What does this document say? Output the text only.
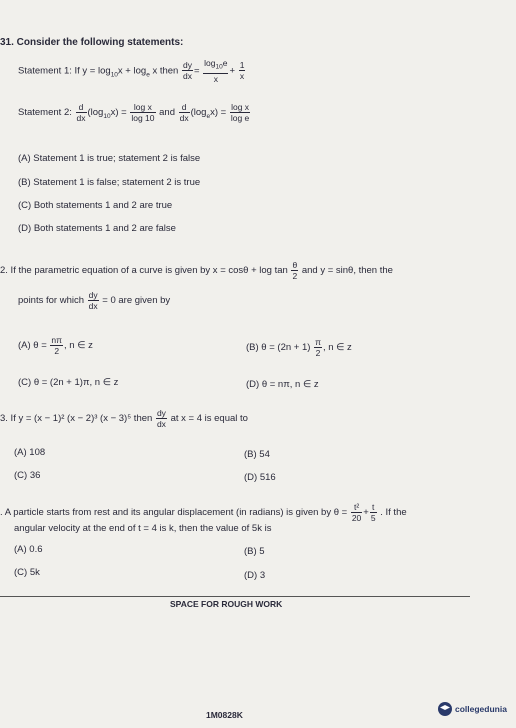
31. Consider the following statements:
Statement 1: If $y = \log_{10}x + \log_e x$ then $\frac{dy}{dx} = \frac{\log_{10}e}{x} + \frac{1}{x}$
Statement 2: $\frac{d}{dx} (\log_{10}x) = \frac{\text{log x}}{\log 10}$ and $\frac{d}{dx} (\log_ex) = \frac{\text{log x}}{\text{log e}}$
(A) Statement 1 is true; statement 2 is false
(B) Statement 1 is false; statement 2 is true
(C) Both statements 1 and 2 are true
(D) Both statements 1 and 2 are false
2. If the parametric equation of a curve is given by $x = \cos\theta + \log \tan \frac{\theta}{2}$ and y = sinθ, then the
points for which $\frac{dy}{dx} = 0$ are given by
(A) $\theta = \frac{n\pi}{2}$ , n ∈ z	(B) $\theta = (2n + 1) \frac{\pi}{2}$ , n ∈ z
(C) θ = (2n + 1)π, n ∈ z	(D) θ = nπ, n ∈ z
3. If y = (x − 1)² (x − 2)³ (x − 3)⁵ then $\frac{dy}{dx}$ at x = 4 is equal to
(A) 108	(B) 54
(C) 36	(D) 516
. A particle starts from rest and its angular displacement (in radians) is given by $\theta = \frac{\text{t²}}{20} + \frac{t}{5}$ . If the
angular velocity at the end of t = 4 is k, then the value of 5k is
(A) 0.6	(B) 5
(C) 5k	(D) 3
SPACE FOR ROUGH WORK
1M0828K
collegedunia
